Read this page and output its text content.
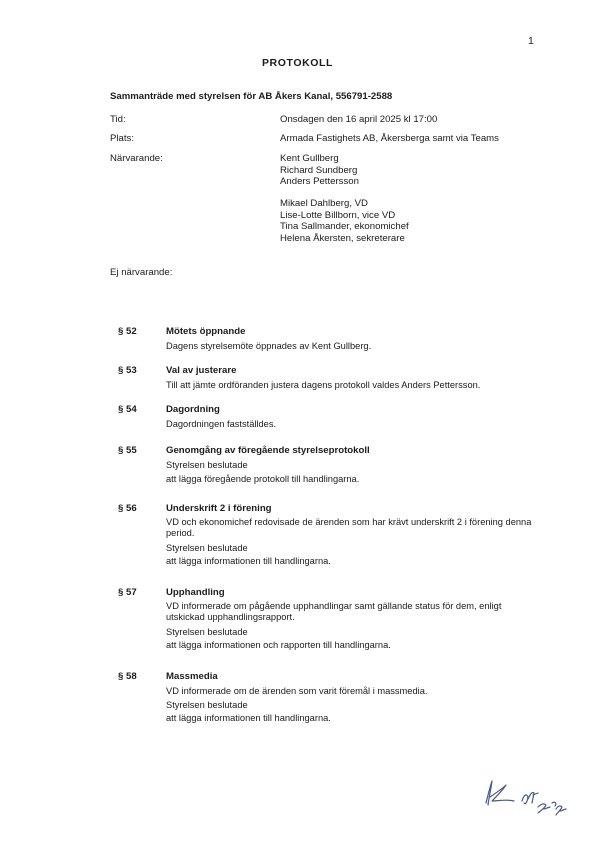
1
PROTOKOLL
Sammanträde med styrelsen för AB Åkers Kanal, 556791-2588
Tid:	Onsdagen den 16 april 2025 kl 17:00
Plats:	Armada Fastighets AB, Åkersberga samt via Teams
Närvarande:	Kent Gullberg
Richard Sundberg
Anders Pettersson
Mikael Dahlberg, VD
Lise-Lotte Billborn, vice VD
Tina Sallmander, ekonomichef
Helena Åkersten, sekreterare
Ej närvarande:
§ 52	Mötets öppnande
Dagens styrelsemöte öppnades av Kent Gullberg.
§ 53	Val av justerare
Till att jämte ordföranden justera dagens protokoll valdes Anders Pettersson.
§ 54	Dagordning
Dagordningen fastställdes.
§ 55	Genomgång av föregående styrelseprotokoll
Styrelsen beslutade
att lägga föregående protokoll till handlingarna.
§ 56	Underskrift 2 i förening
VD och ekonomichef redovisade de ärenden som har krävt underskrift 2 i förening denna period.
Styrelsen beslutade
att lägga informationen till handlingarna.
§ 57	Upphandling
VD informerade om pågående upphandlingar samt gällande status för dem, enligt utskickad upphandlingsrapport.
Styrelsen beslutade
att lägga informationen och rapporten till handlingarna.
§ 58	Massmedia
VD informerade om de ärenden som varit föremål i massmedia.
Styrelsen beslutade
att lägga informationen till handlingarna.
